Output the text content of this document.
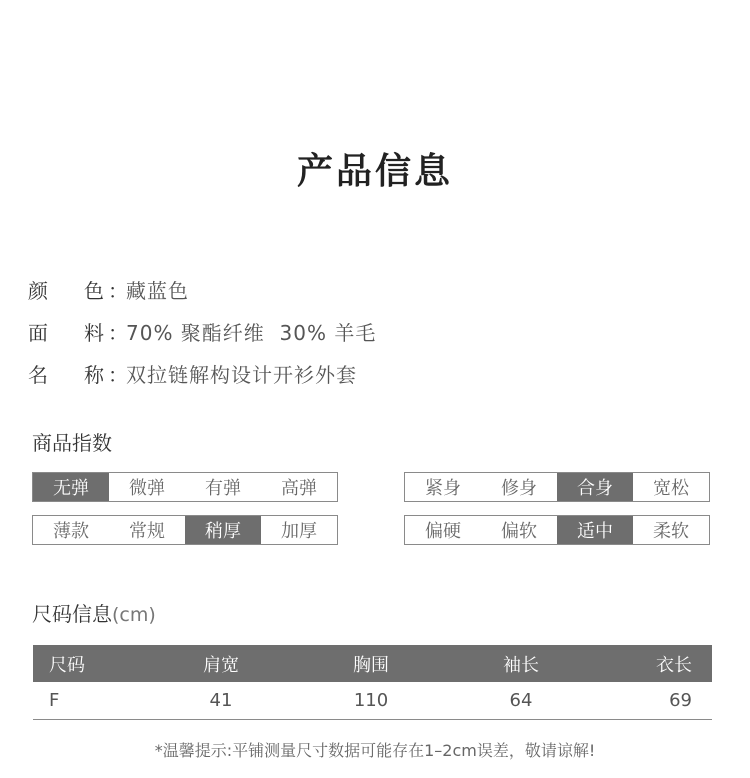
产品信息
颜 色 ：
藏蓝色
面 料 ：
70% 聚酯纤维  30% 羊毛
名 称 ：
双拉链解构设计开衫外套
商品指数
无弹	微弹	有弹	高弹	紧身	修身	合身	宽松
薄款	常规	稍厚	加厚	偏硬	偏软	适中	柔软
尺码信息(cm)
尺码	肩宽	胸围	袖长	衣长
F	41	110	64	69
*温馨提示:平铺测量尺寸数据可能存在1–2cm误差，敬请谅解!
